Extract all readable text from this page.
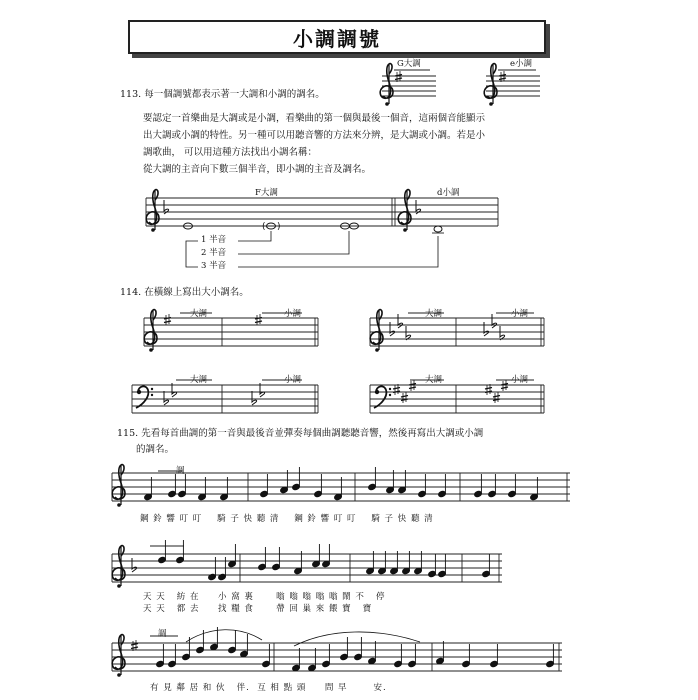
小調調號
113. 每一個調號都表示著一大調和小調的調名。
G大調	e小調
要認定一首樂曲是大調或是小調，看樂曲的第一個與最後一個音，這兩個音能顯示
出大調或小調的特性。另一種可以用聽音響的方法來分辨，是大調或小調。若是小
調歌曲， 可以用這種方法找出小調名稱：
從大調的主音向下數三個半音，即小調的主音及調名。
F大調	d小調
1 半音
2 半音
3 半音
114. 在橫線上寫出大小調名。
大調	小調	大調	小調
大調	小調	大調	小調
115. 先看每首曲調的第一音與最後音並彈奏每個曲調聽聽音響，然後再寫出大調或小調
的調名。
調
調
鋼 鈴 響 叮 叮    騎 子 快 聽 清    鋼 鈴 響 叮 叮    騎 子 快 聽 清
天 天   紡 在     小 窩 裏      嗡 嗡 嗡 嗡 嗡 鬧 不   停
天 天   都 去     找 糧 食      帶 回 巢 來 餵 寶   寶
有 見 鄰 居 和 伙   伴.  互 相 點 頭     問 早       安.
( )
